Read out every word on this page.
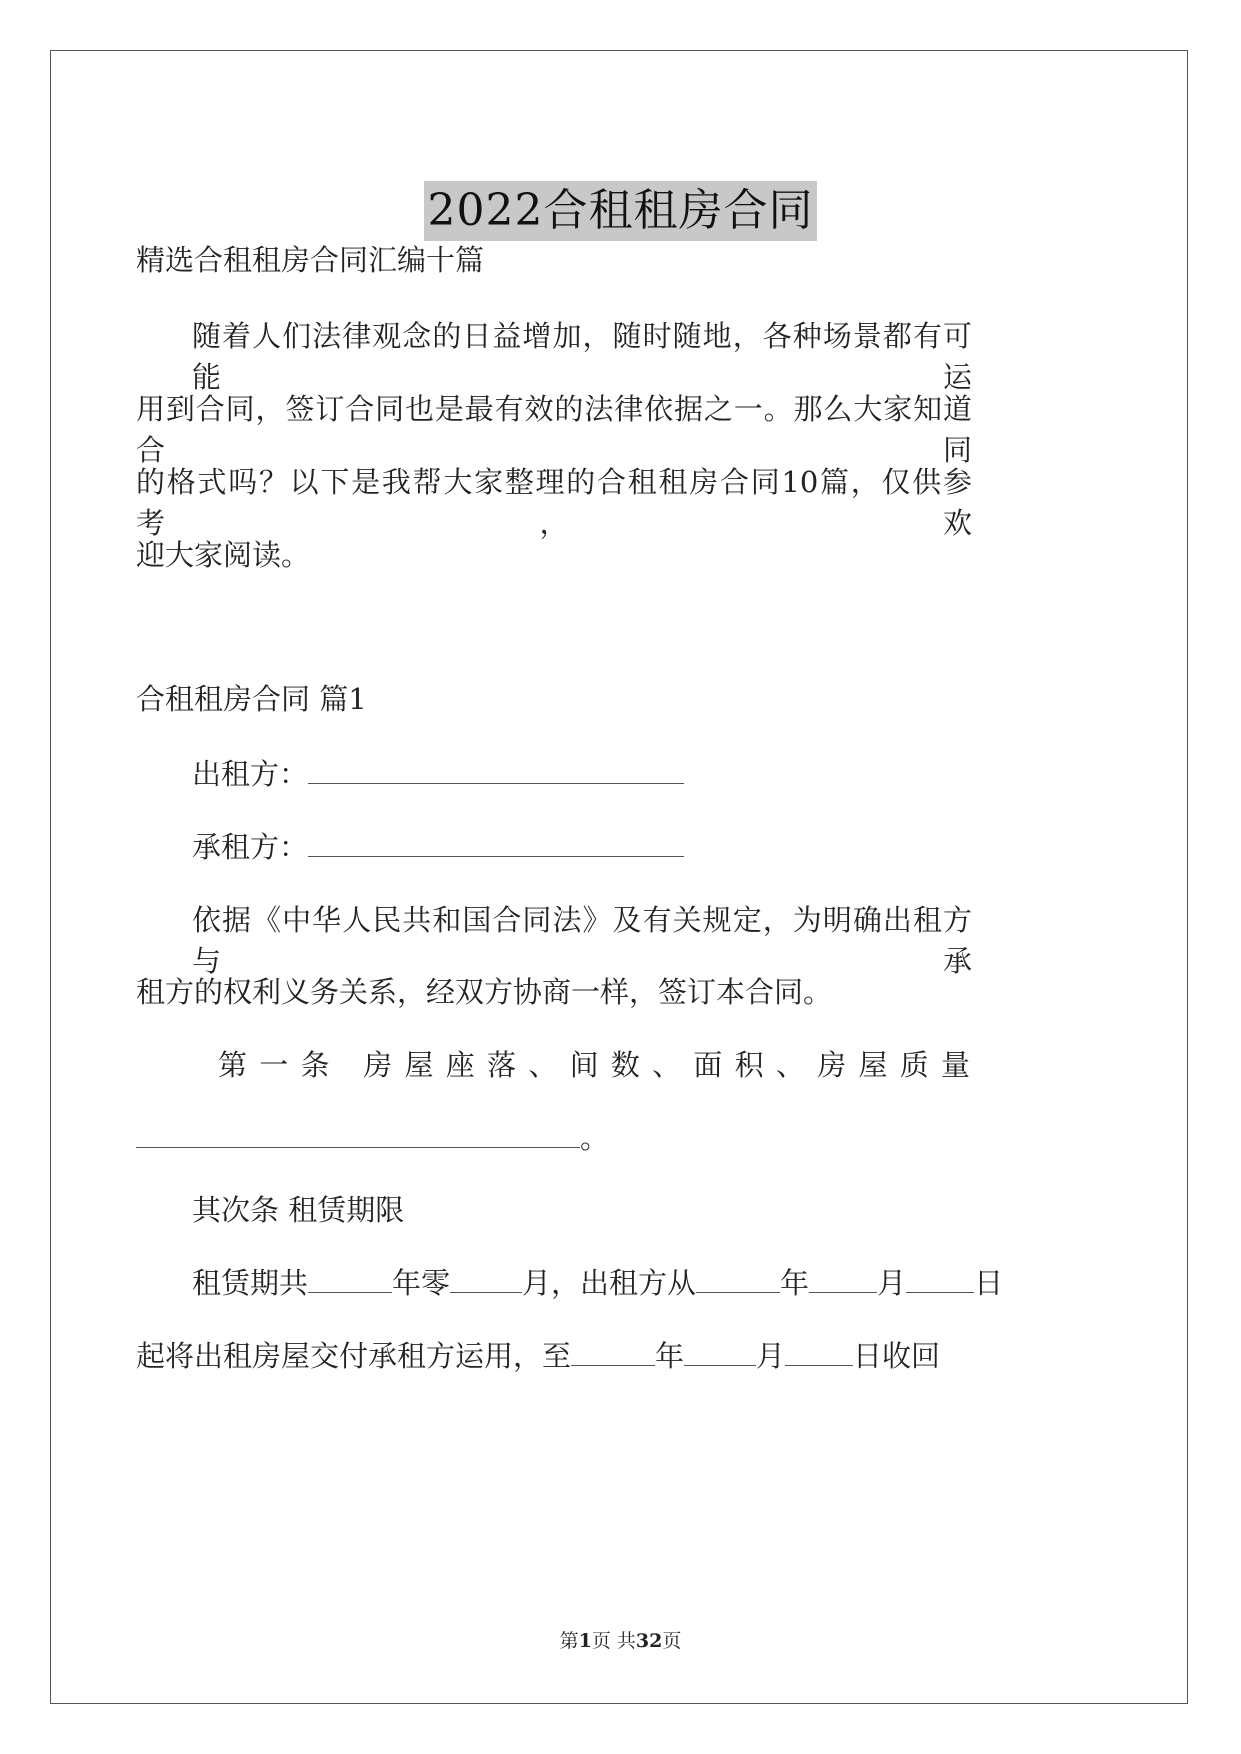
2022合租租房合同
精选合租租房合同汇编十篇
随着人们法律观念的日益增加，随时随地，各种场景都有可能运
用到合同，签订合同也是最有效的法律依据之一。那么大家知道合同
的格式吗？以下是我帮大家整理的合租租房合同10篇，仅供参考，欢
迎大家阅读。
合租租房合同 篇1
出租方：
承租方：
依据《中华人民共和国合同法》及有关规定，为明确出租方与承
租方的权利义务关系，经双方协商一样，签订本合同。
第一条 房屋座落、间数、面积、房屋质量
。
其次条 租赁期限
租赁期共	年零 月，出租方从	年 月 日
起将出租房屋交付承租方运用，至	年 月 日收回
第1页 共32页
